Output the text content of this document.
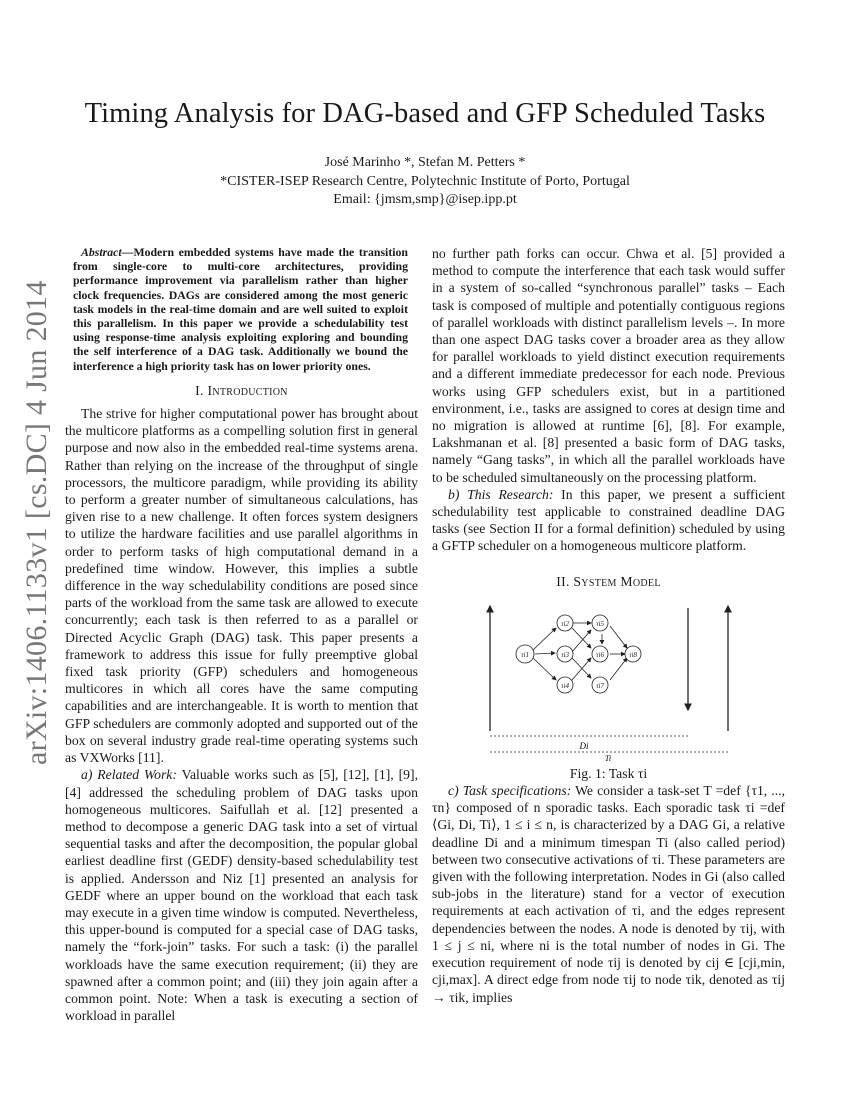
arXiv:1406.1133v1 [cs.DC] 4 Jun 2014
Timing Analysis for DAG-based and GFP Scheduled Tasks
José Marinho *, Stefan M. Petters *
*CISTER-ISEP Research Centre, Polytechnic Institute of Porto, Portugal
Email: {jmsm,smp}@isep.ipp.pt
Abstract—Modern embedded systems have made the transition from single-core to multi-core architectures, providing performance improvement via parallelism rather than higher clock frequencies. DAGs are considered among the most generic task models in the real-time domain and are well suited to exploit this parallelism. In this paper we provide a schedulability test using response-time analysis exploiting exploring and bounding the self interference of a DAG task. Additionally we bound the interference a high priority task has on lower priority ones.
I. Introduction

The strive for higher computational power has brought about the multicore platforms as a compelling solution first in general purpose and now also in the embedded real-time systems arena. Rather than relying on the increase of the throughput of single processors, the multicore paradigm, while providing its ability to perform a greater number of simultaneous calculations, has given rise to a new challenge. It often forces system designers to utilize the hardware facilities and use parallel algorithms in order to perform tasks of high computational demand in a predefined time window. However, this implies a subtle difference in the way schedulability conditions are posed since parts of the workload from the same task are allowed to execute concurrently; each task is then referred to as a parallel or Directed Acyclic Graph (DAG) task. This paper presents a framework to address this issue for fully preemptive global fixed task priority (GFP) schedulers and homogeneous multicores in which all cores have the same computing capabilities and are interchangeable. It is worth to mention that GFP schedulers are commonly adopted and supported out of the box on several industry grade real-time operating systems such as VXWorks [11].

a) Related Work: Valuable works such as [5], [12], [1], [9], [4] addressed the scheduling problem of DAG tasks upon homogeneous multicores. Saifullah et al. [12] presented a method to decompose a generic DAG task into a set of virtual sequential tasks and after the decomposition, the popular global earliest deadline first (GEDF) density-based schedulability test is applied. Andersson and Niz [1] presented an analysis for GEDF where an upper bound on the workload that each task may execute in a given time window is computed. Nevertheless, this upper-bound is computed for a special case of DAG tasks, namely the “fork-join” tasks. For such a task: (i) the parallel workloads have the same execution requirement; (ii) they are spawned after a common point; and (iii) they join again after a common point. Note: When a task is executing a section of workload in parallel

no further path forks can occur. Chwa et al. [5] provided a method to compute the interference that each task would suffer in a system of so-called “synchronous parallel” tasks – Each task is composed of multiple and potentially contiguous regions of parallel workloads with distinct parallelism levels –. In more than one aspect DAG tasks cover a broader area as they allow for parallel workloads to yield distinct execution requirements and a different immediate predecessor for each node. Previous works using GFP schedulers exist, but in a partitioned environment, i.e., tasks are assigned to cores at design time and no migration is allowed at runtime [6], [8]. For example, Lakshmanan et al. [8] presented a basic form of DAG tasks, namely “Gang tasks”, in which all the parallel workloads have to be scheduled simultaneously on the processing platform.

b) This Research: In this paper, we present a sufficient schedulability test applicable to constrained deadline DAG tasks (see Section II for a formal definition) scheduled by using a GFTP scheduler on a homogeneous multicore platform.

II. System Model
τi1
τi2
τi3
τi4
τi5
τi6
τi7
τi8
Di
Ti
Fig. 1: Task τi

c) Task specifications: We consider a task-set T =def {τ1, ..., τn} composed of n sporadic tasks. Each sporadic task τi =def ⟨Gi, Di, Ti⟩, 1 ≤ i ≤ n, is characterized by a DAG Gi, a relative deadline Di and a minimum timespan Ti (also called period) between two consecutive activations of τi. These parameters are given with the following interpretation. Nodes in Gi (also called sub-jobs in the literature) stand for a vector of execution requirements at each activation of τi, and the edges represent dependencies between the nodes. A node is denoted by τij, with 1 ≤ j ≤ ni, where ni is the total number of nodes in Gi. The execution requirement of node τij is denoted by cij ∈ [cji,min, cji,max]. A direct edge from node τij to node τik, denoted as τij → τik, implies
